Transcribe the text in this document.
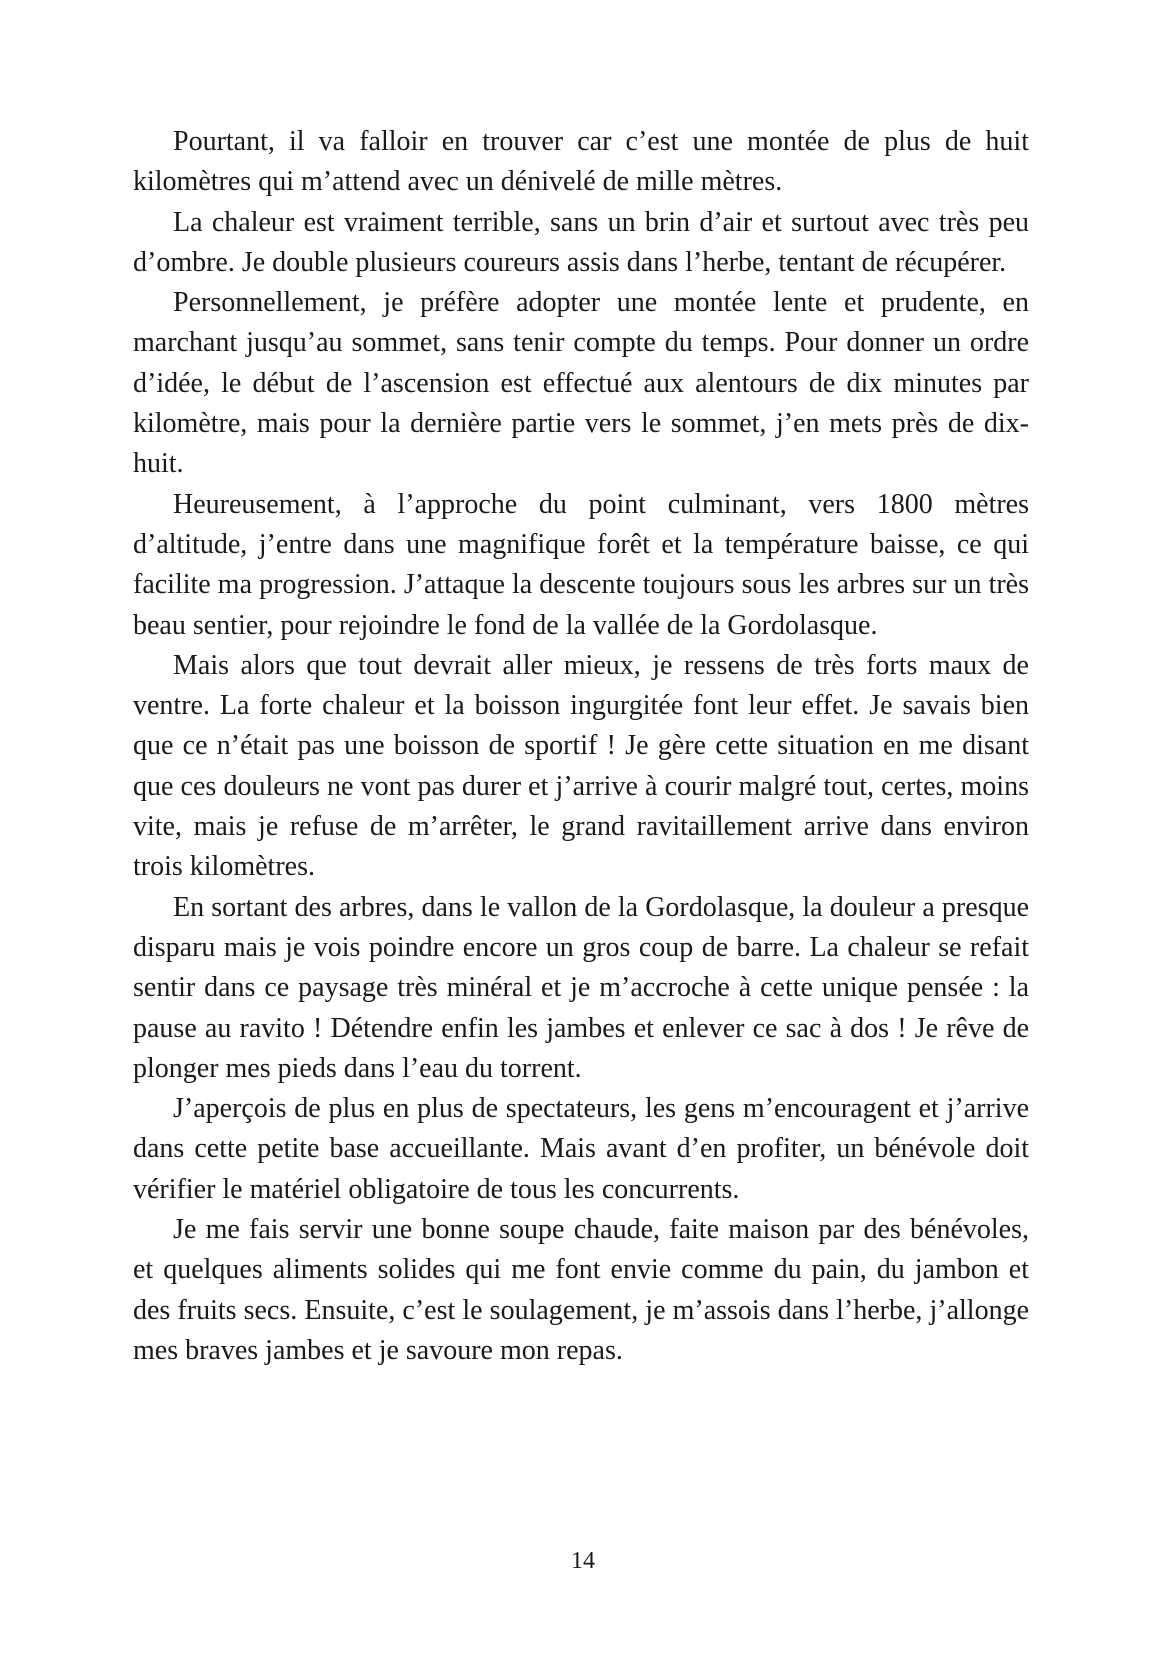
Pourtant, il va falloir en trouver car c’est une montée de plus de huit kilomètres qui m’attend avec un dénivelé de mille mètres.

La chaleur est vraiment terrible, sans un brin d’air et surtout avec très peu d’ombre. Je double plusieurs coureurs assis dans l’herbe, tentant de récupérer.

Personnellement, je préfère adopter une montée lente et prudente, en marchant jusqu’au sommet, sans tenir compte du temps. Pour donner un ordre d’idée, le début de l’ascension est effectué aux alentours de dix minutes par kilomètre, mais pour la dernière partie vers le sommet, j’en mets près de dix-huit.

Heureusement, à l’approche du point culminant, vers 1800 mètres d’altitude, j’entre dans une magnifique forêt et la température baisse, ce qui facilite ma progression. J’attaque la descente toujours sous les arbres sur un très beau sentier, pour rejoindre le fond de la vallée de la Gordolasque.

Mais alors que tout devrait aller mieux, je ressens de très forts maux de ventre. La forte chaleur et la boisson ingurgitée font leur effet. Je savais bien que ce n’était pas une boisson de sportif ! Je gère cette situation en me disant que ces douleurs ne vont pas durer et j’arrive à courir malgré tout, certes, moins vite, mais je refuse de m’arrêter, le grand ravitaillement arrive dans environ trois kilomètres.

En sortant des arbres, dans le vallon de la Gordolasque, la douleur a presque disparu mais je vois poindre encore un gros coup de barre. La chaleur se refait sentir dans ce paysage très minéral et je m’accroche à cette unique pensée : la pause au ravito ! Détendre enfin les jambes et enlever ce sac à dos ! Je rêve de plonger mes pieds dans l’eau du torrent.

J’aperçois de plus en plus de spectateurs, les gens m’encouragent et j’arrive dans cette petite base accueillante. Mais avant d’en profiter, un bénévole doit vérifier le matériel obligatoire de tous les concurrents.

Je me fais servir une bonne soupe chaude, faite maison par des bénévoles, et quelques aliments solides qui me font envie comme du pain, du jambon et des fruits secs. Ensuite, c’est le soulagement, je m’assois dans l’herbe, j’allonge mes braves jambes et je savoure mon repas.

14
